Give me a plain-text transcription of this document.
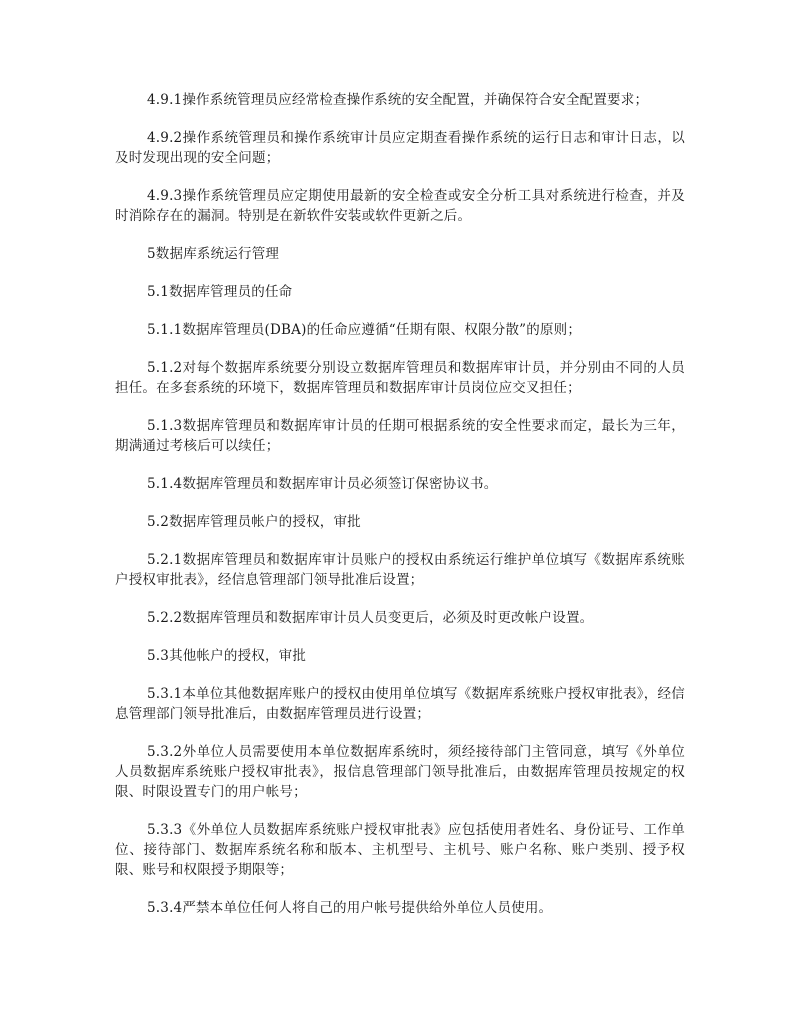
4.9.1操作系统管理员应经常检查操作系统的安全配置，并确保符合安全配置要求；

4.9.2操作系统管理员和操作系统审计员应定期查看操作系统的运行日志和审计日志，以及时发现出现的安全问题；

4.9.3操作系统管理员应定期使用最新的安全检查或安全分析工具对系统进行检查，并及时消除存在的漏洞。特别是在新软件安装或软件更新之后。

5数据库系统运行管理

5.1数据库管理员的任命

5.1.1数据库管理员(DBA)的任命应遵循“任期有限、权限分散”的原则；

5.1.2对每个数据库系统要分别设立数据库管理员和数据库审计员，并分别由不同的人员担任。在多套系统的环境下，数据库管理员和数据库审计员岗位应交叉担任；

5.1.3数据库管理员和数据库审计员的任期可根据系统的安全性要求而定，最长为三年，期满通过考核后可以续任；

5.1.4数据库管理员和数据库审计员必须签订保密协议书。

5.2数据库管理员帐户的授权，审批

5.2.1数据库管理员和数据库审计员账户的授权由系统运行维护单位填写《数据库系统账户授权审批表》，经信息管理部门领导批准后设置；

5.2.2数据库管理员和数据库审计员人员变更后，必须及时更改帐户设置。

5.3其他帐户的授权，审批

5.3.1本单位其他数据库账户的授权由使用单位填写《数据库系统账户授权审批表》，经信息管理部门领导批准后，由数据库管理员进行设置；

5.3.2外单位人员需要使用本单位数据库系统时，须经接待部门主管同意，填写《外单位人员数据库系统账户授权审批表》，报信息管理部门领导批准后，由数据库管理员按规定的权限、时限设置专门的用户帐号；

5.3.3《外单位人员数据库系统账户授权审批表》应包括使用者姓名、身份证号、工作单位、接待部门、数据库系统名称和版本、主机型号、主机号、账户名称、账户类别、授予权限、账号和权限授予期限等；

5.3.4严禁本单位任何人将自己的用户帐号提供给外单位人员使用。
